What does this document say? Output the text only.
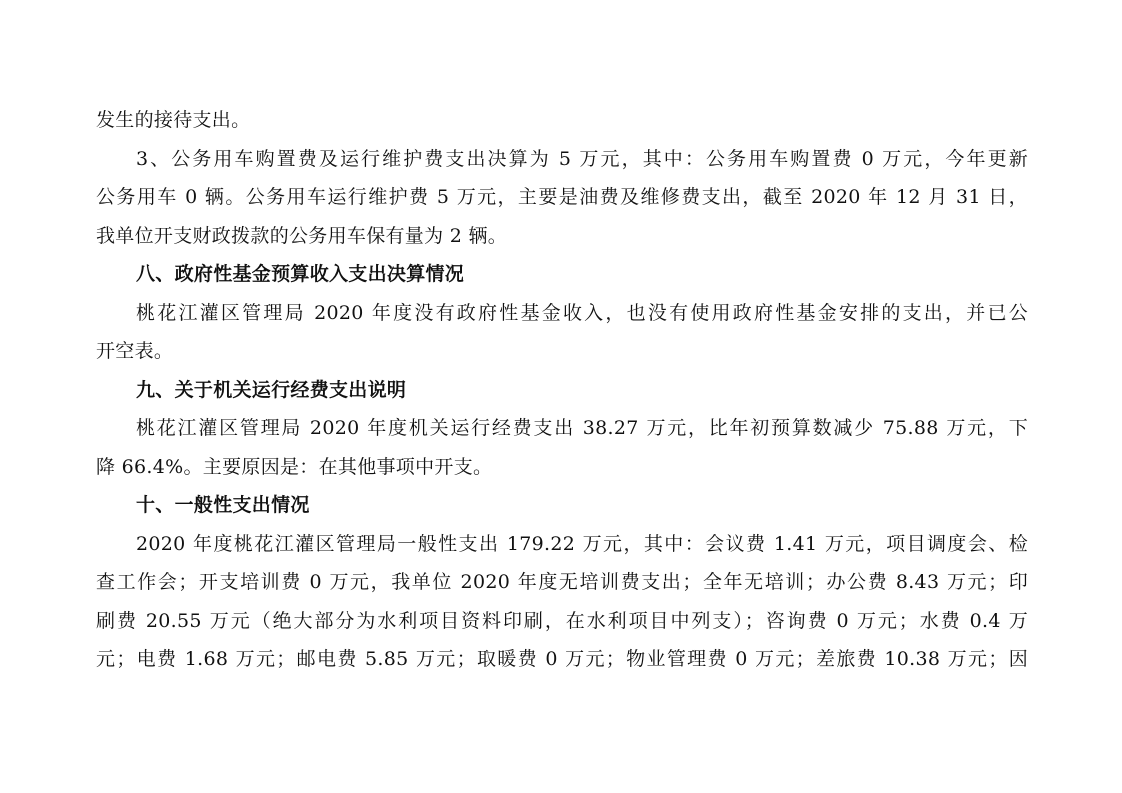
发生的接待支出。
3、公务用车购置费及运行维护费支出决算为 5 万元，其中：公务用车购置费 0 万元，今年更新
公务用车 0 辆。公务用车运行维护费 5 万元，主要是油费及维修费支出，截至 2020 年 12 月 31 日，
我单位开支财政拨款的公务用车保有量为 2 辆。
八、政府性基金预算收入支出决算情况
桃花江灌区管理局 2020 年度没有政府性基金收入，也没有使用政府性基金安排的支出，并已公
开空表。
九、关于机关运行经费支出说明
桃花江灌区管理局 2020 年度机关运行经费支出 38.27 万元，比年初预算数减少 75.88 万元，下
降 66.4%。主要原因是：在其他事项中开支。
十、一般性支出情况
2020 年度桃花江灌区管理局一般性支出 179.22 万元，其中：会议费 1.41 万元，项目调度会、检
查工作会；开支培训费 0 万元，我单位 2020 年度无培训费支出；全年无培训；办公费 8.43 万元；印
刷费 20.55 万元（绝大部分为水利项目资料印刷，在水利项目中列支）；咨询费 0 万元；水费 0.4 万
元；电费 1.68 万元；邮电费 5.85 万元；取暖费 0 万元；物业管理费 0 万元；差旅费 10.38 万元；因
